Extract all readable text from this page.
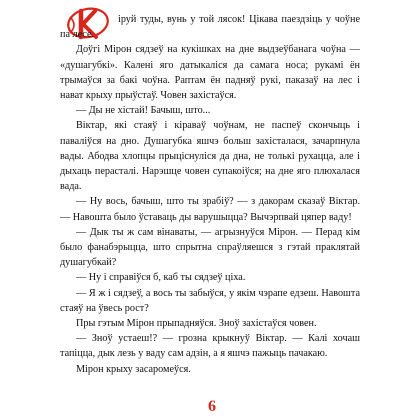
іруй туды, вунь у той лясок! Цікава паездзіць у чоўне па лесе.

Доўгі Мірон сядзеў на кукішках на дне выдзеўбанага чоўна — «душагубкі». Калені яго датыкаліся да самага носа; рукамі ён трымаўся за бакі чоўна. Раптам ён падняў рукі, паказаў на лес і нават крыху прыўстаў. Човен захістаўся.

— Ды не хістай! Бачыш, што...

Віктар, які стаяў і кіраваў чоўнам, не паспеў скончыць і паваліўся на дно. Душагубка яшчэ больш захісталася, зачарпнула вады. Абодва хлопцы прыціснуліся да дна, не толькі рухацца, але і дыхаць перасталі. Нарэшце човен супакоіўся; на дне яго плюхалася вада.

— Ну вось, бачыш, што ты зрабіў? — з дакорам сказаў Віктар. — Навошта было ўставаць ды варушыцца? Вычэрпвай цяпер ваду!

— Дык ты ж сам вінаваты, — агрызнуўся Мірон. — Перад кім было фанабэрыцца, што спрытна спраўляешся з гэтай праклятай душагубкай?

— Ну і справіўся б, каб ты сядзеў ціха.

— Я ж і сядзеў, а вось ты забыўся, у якім чэрапе едзеш. Навошта стаяў на ўвесь рост?

Пры гэтым Мірон прыпадняўся. Зноў захістаўся човен.

— Зноў устаеш!? — грозна крыкнуў Віктар. — Калі хочаш тапіцца, дык лезь у ваду сам адзін, а я яшчэ пажыць пачакаю.

Мірон крыху засаромеўся.

6
